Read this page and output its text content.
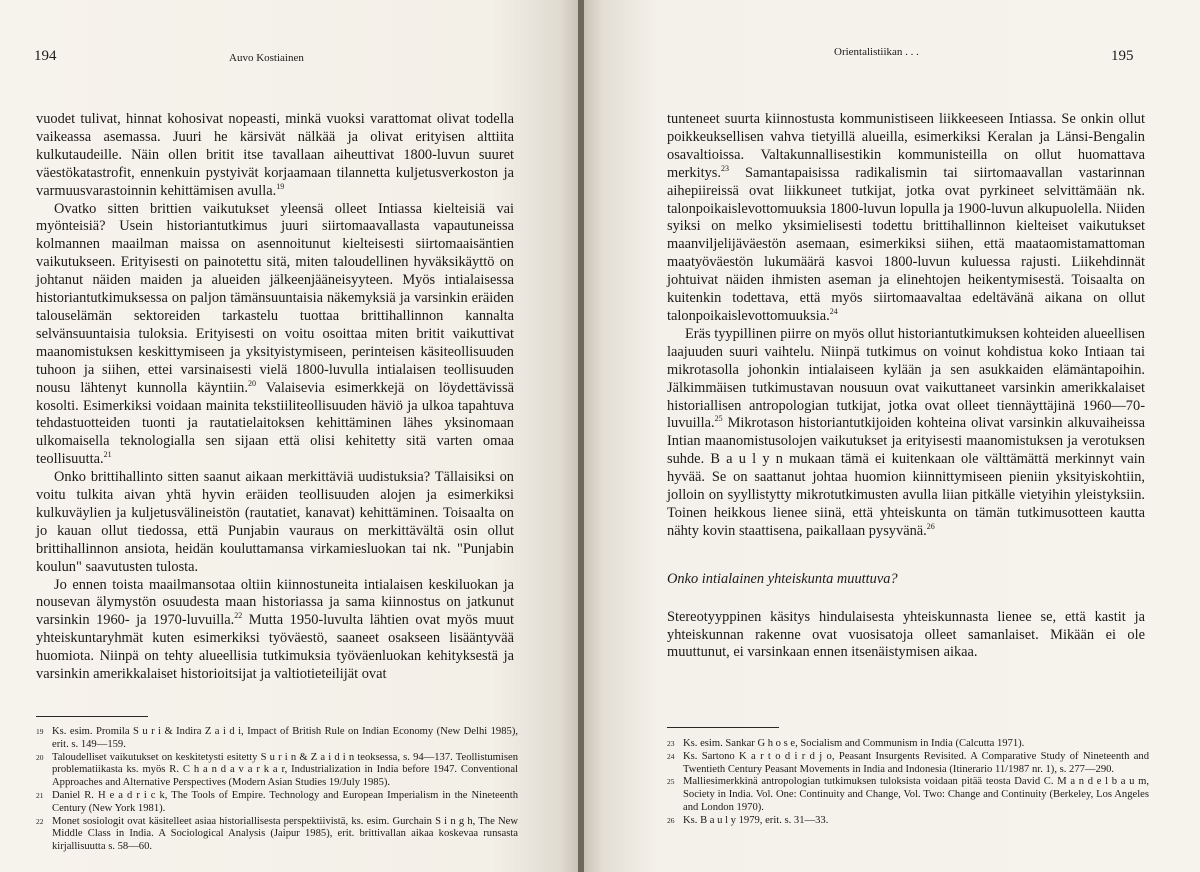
194	Auvo Kostiainen

vuodet tulivat, hinnat kohosivat nopeasti, minkä vuoksi varattomat olivat todella vaikeassa asemassa. Juuri he kärsivät nälkää ja olivat erityisen alttiita kulkutaudeille. Näin ollen britit itse tavallaan aiheuttivat 1800-luvun suuret väestökatastrofit, ennenkuin pystyivät korjaamaan tilannetta kuljetusverkoston ja varmuusvarastoinnin kehittämisen avulla.$^{19}$

Ovatko sitten brittien vaikutukset yleensä olleet Intiassa kielteisiä vai myönteisiä? Usein historiantutkimus juuri siirtomaavallasta vapautuneissa kolmannen maailman maissa on asennoitunut kielteisesti siirtomaaisäntien vaikutukseen. Erityisesti on painotettu sitä, miten taloudellinen hyväksikäyttö on johtanut näiden maiden ja alueiden jälkeenjääneisyyteen. Myös intialaisessa historiantutkimuksessa on paljon tämänsuuntaisia näkemyksiä ja varsinkin eräiden talouselämän sektoreiden tarkastelu tuottaa brittihallinnon kannalta selvänsuuntaisia tuloksia. Erityisesti on voitu osoittaa miten britit vaikuttivat maanomistuksen keskittymiseen ja yksityistymiseen, perinteisen käsiteollisuuden tuhoon ja siihen, ettei varsinaisesti vielä 1800-luvulla intialaisen teollisuuden nousu lähtenyt kunnolla käyntiin.$^{20}$ Valaisevia esimerkkejä on löydettävissä kosolti. Esimerkiksi voidaan mainita tekstiiliteollisuuden häviö ja ulkoa tapahtuva tehdastuotteiden tuonti ja rautatielaitoksen kehittäminen lähes yksinomaan ulkomaisella teknologialla sen sijaan että olisi kehitetty sitä varten omaa teollisuutta.$^{21}$

Onko brittihallinto sitten saanut aikaan merkittäviä uudistuksia? Tällaisiksi on voitu tulkita aivan yhtä hyvin eräiden teollisuuden alojen ja esimerkiksi kulkuväylien ja kuljetusvälineistön (rautatiet, kanavat) kehittäminen. Toisaalta on jo kauan ollut tiedossa, että Punjabin vauraus on merkittävältä osin ollut brittihallinnon ansiota, heidän kouluttamansa virkamiesluokan tai nk. "Punjabin koulun" saavutusten tulosta.

Jo ennen toista maailmansotaa oltiin kiinnostuneita intialaisen keskiluokan ja nousevan älymystön osuudesta maan historiassa ja sama kiinnostus on jatkunut varsinkin 1960- ja 1970-luvuilla.$^{22}$ Mutta 1950-luvulta lähtien ovat myös muut yhteiskuntaryhmät kuten esimerkiksi työväestö, saaneet osakseen lisääntyvää huomiota. Niinpä on tehty alueellisia tutkimuksia työväenluokan kehityksestä ja varsinkin amerikkalaiset historioitsijat ja valtiotieteilijät ovat

19 Ks. esim. Promila S u r i & Indira Z a i d i, Impact of British Rule on Indian Economy (New Delhi 1985), erit. s. 149—159.
20 Taloudelliset vaikutukset on keskitetysti esitetty S u r i n & Z a i d i n teoksessa, s. 94—137. Teollistumisen problematiikasta ks. myös R. C h a n d a v a r k a r, Industrialization in India before 1947. Conventional Approaches and Alternative Perspectives (Modern Asian Studies 19/July 1985).
21 Daniel R. H e a d r i c k, The Tools of Empire. Technology and European Imperialism in the Nineteenth Century (New York 1981).
22 Monet sosiologit ovat käsitelleet asiaa historiallisesta perspektiivistä, ks. esim. Gurchain S i n g h, The New Middle Class in India. A Sociological Analysis (Jaipur 1985), erit. brittivallan aikaa koskevaa runsasta kirjallisuutta s. 58—60.
Orientalistiikan . . .	195

tunteneet suurta kiinnostusta kommunistiseen liikkeeseen Intiassa. Se onkin ollut poikkeuksellisen vahva tietyillä alueilla, esimerkiksi Keralan ja Länsi-Bengalin osavaltioissa. Valtakunnallisestikin kommunisteilla on ollut huomattava merkitys.$^{23}$ Samantapaisissa radikalismin tai siirtomaavallan vastarinnan aihepiireissä ovat liikkuneet tutkijat, jotka ovat pyrkineet selvittämään nk. talonpoikaislevottomuuksia 1800-luvun lopulla ja 1900-luvun alkupuolella. Niiden syiksi on melko yksimielisesti todettu brittihallinnon kielteiset vaikutukset maanviljelijäväestön asemaan, esimerkiksi siihen, että maataomistamattoman maatyöväestön lukumäärä kasvoi 1800-luvun kuluessa rajusti. Liikehdinnät johtuivat näiden ihmisten aseman ja elinehtojen heikentymisestä. Toisaalta on kuitenkin todettava, että myös siirtomaavaltaa edeltävänä aikana on ollut talonpoikaislevottomuuksia.$^{24}$

Eräs tyypillinen piirre on myös ollut historiantutkimuksen kohteiden alueellisen laajuuden suuri vaihtelu. Niinpä tutkimus on voinut kohdistua koko Intiaan tai mikrotasolla johonkin intialaiseen kylään ja sen asukkaiden elämäntapoihin. Jälkimmäisen tutkimustavan nousuun ovat vaikuttaneet varsinkin amerikkalaiset historiallisen antropologian tutkijat, jotka ovat olleet tiennäyttäjinä 1960—70-luvuilla.$^{25}$ Mikrotason historiantutkijoiden kohteina olivat varsinkin alkuvaiheissa Intian maanomistusolojen vaikutukset ja erityisesti maanomistuksen ja verotuksen suhde. B a u l y n mukaan tämä ei kuitenkaan ole välttämättä merkinnyt vain hyvää. Se on saattanut johtaa huomion kiinnittymiseen pieniin yksityiskohtiin, jolloin on syyllistytty mikrotutkimusten avulla liian pitkälle vietyihin yleistyksiin. Toinen heikkous lienee siinä, että yhteiskunta on tämän tutkimusotteen kautta nähty kovin staattisena, paikallaan pysyvänä.$^{26}$

Onko intialainen yhteiskunta muuttuva?

Stereotyyppinen käsitys hindulaisesta yhteiskunnasta lienee se, että kastit ja yhteiskunnan rakenne ovat vuosisatoja olleet samanlaiset. Mikään ei ole muuttunut, ei varsinkaan ennen itsenäistymisen aikaa.

23 Ks. esim. Sankar G h o s e, Socialism and Communism in India (Calcutta 1971).
24 Ks. Sartono K a r t o d i r d j o, Peasant Insurgents Revisited. A Comparative Study of Nineteenth and Twentieth Century Peasant Movements in India and Indonesia (Itinerario 11/1987 nr. 1), s. 277—290.
25 Malliesimerkkinä antropologian tutkimuksen tuloksista voidaan pitää teosta David C. M a n d e l b a u m, Society in India. Vol. One: Continuity and Change, Vol. Two: Change and Continuity (Berkeley, Los Angeles and London 1970).
26 Ks. B a u l y 1979, erit. s. 31—33.
